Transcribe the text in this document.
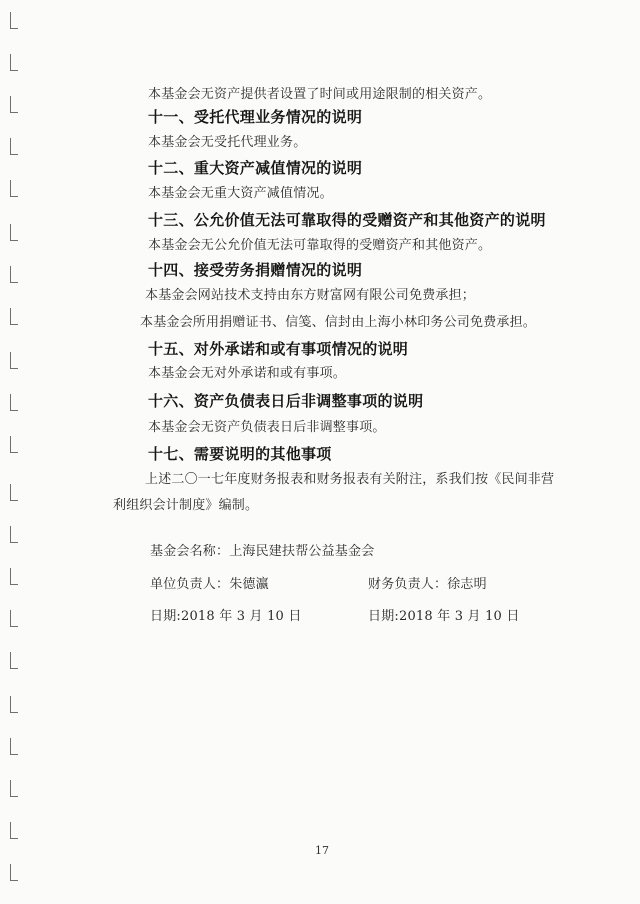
本基金会无资产提供者设置了时间或用途限制的相关资产。
十一、受托代理业务情况的说明
本基金会无受托代理业务。
十二、重大资产减值情况的说明
本基金会无重大资产减值情况。
十三、公允价值无法可靠取得的受赠资产和其他资产的说明
本基金会无公允价值无法可靠取得的受赠资产和其他资产。
十四、接受劳务捐赠情况的说明
本基金会网站技术支持由东方财富网有限公司免费承担；
本基金会所用捐赠证书、信笺、信封由上海小林印务公司免费承担。
十五、对外承诺和或有事项情况的说明
本基金会无对外承诺和或有事项。
十六、资产负债表日后非调整事项的说明
本基金会无资产负债表日后非调整事项。
十七、需要说明的其他事项
上述二〇一七年度财务报表和财务报表有关附注，系我们按《民间非营
利组织会计制度》编制。
基金会名称：上海民建扶帮公益基金会
单位负责人：朱德瀛	财务负责人：徐志明
日期:2018 年 3 月 10 日	日期:2018 年 3 月 10 日
17
